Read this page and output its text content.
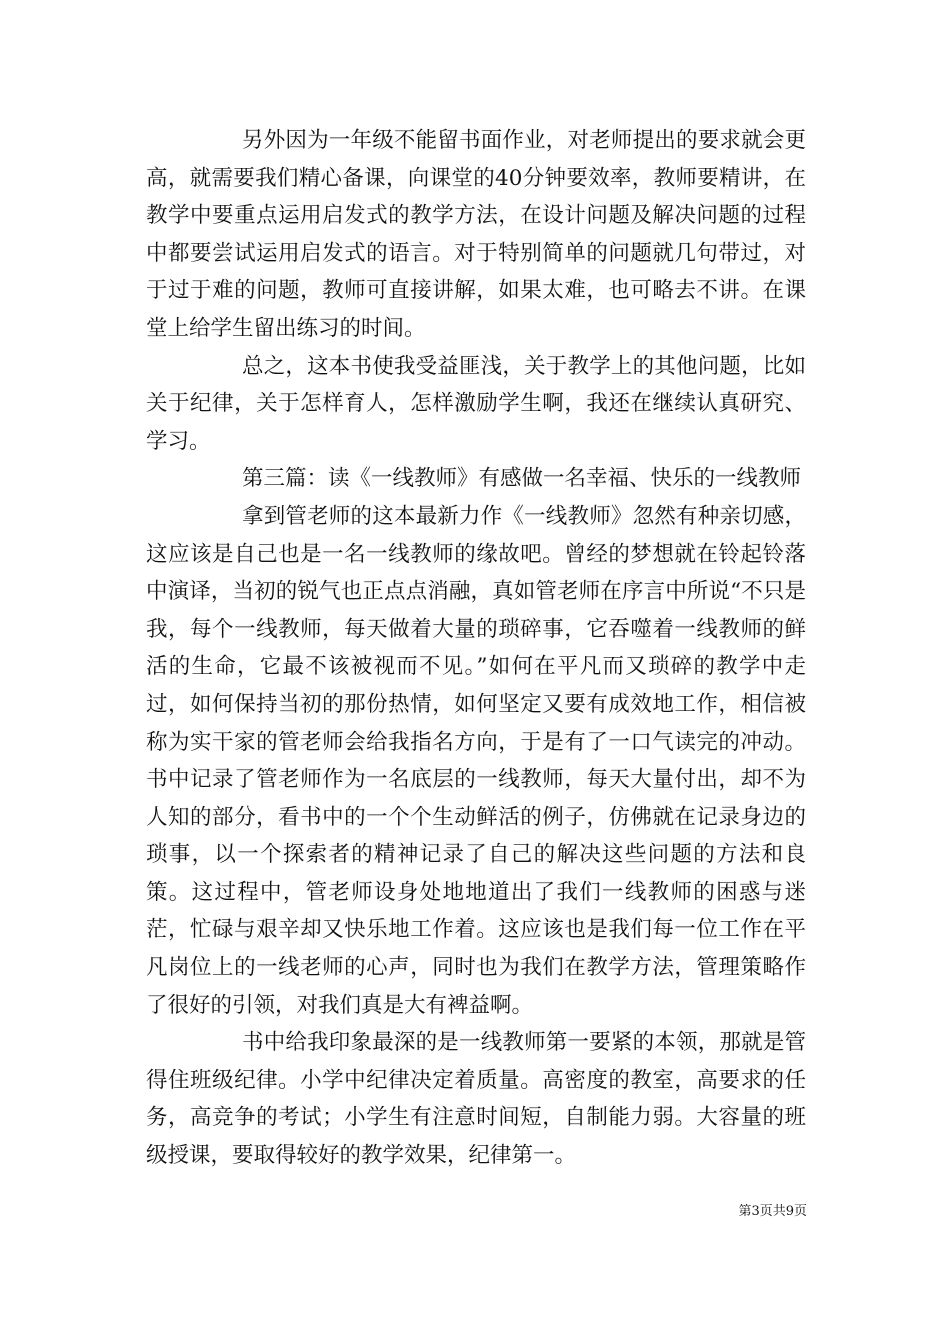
另外因为一年级不能留书面作业，对老师提出的要求就会更高，就需要我们精心备课，向课堂的40分钟要效率，教师要精讲，在教学中要重点运用启发式的教学方法，在设计问题及解决问题的过程中都要尝试运用启发式的语言。对于特别简单的问题就几句带过，对于过于难的问题，教师可直接讲解，如果太难，也可略去不讲。在课堂上给学生留出练习的时间。

总之，这本书使我受益匪浅，关于教学上的其他问题，比如关于纪律，关于怎样育人，怎样激励学生啊，我还在继续认真研究、学习。

第三篇：读《一线教师》有感做一名幸福、快乐的一线教师

拿到管老师的这本最新力作《一线教师》忽然有种亲切感，这应该是自己也是一名一线教师的缘故吧。曾经的梦想就在铃起铃落中演译，当初的锐气也正点点消融，真如管老师在序言中所说“不只是我，每个一线教师，每天做着大量的琐碎事，它吞噬着一线教师的鲜活的生命，它最不该被视而不见。”如何在平凡而又琐碎的教学中走过，如何保持当初的那份热情，如何坚定又要有成效地工作，相信被称为实干家的管老师会给我指名方向，于是有了一口气读完的冲动。书中记录了管老师作为一名底层的一线教师，每天大量付出，却不为人知的部分，看书中的一个个生动鲜活的例子，仿佛就在记录身边的琐事，以一个探索者的精神记录了自己的解决这些问题的方法和良策。这过程中，管老师设身处地地道出了我们一线教师的困惑与迷茫，忙碌与艰辛却又快乐地工作着。这应该也是我们每一位工作在平凡岗位上的一线老师的心声，同时也为我们在教学方法，管理策略作了很好的引领，对我们真是大有裨益啊。

书中给我印象最深的是一线教师第一要紧的本领，那就是管得住班级纪律。小学中纪律决定着质量。高密度的教室，高要求的任务，高竞争的考试；小学生有注意时间短，自制能力弱。大容量的班级授课，要取得较好的教学效果，纪律第一。

第3页共9页
